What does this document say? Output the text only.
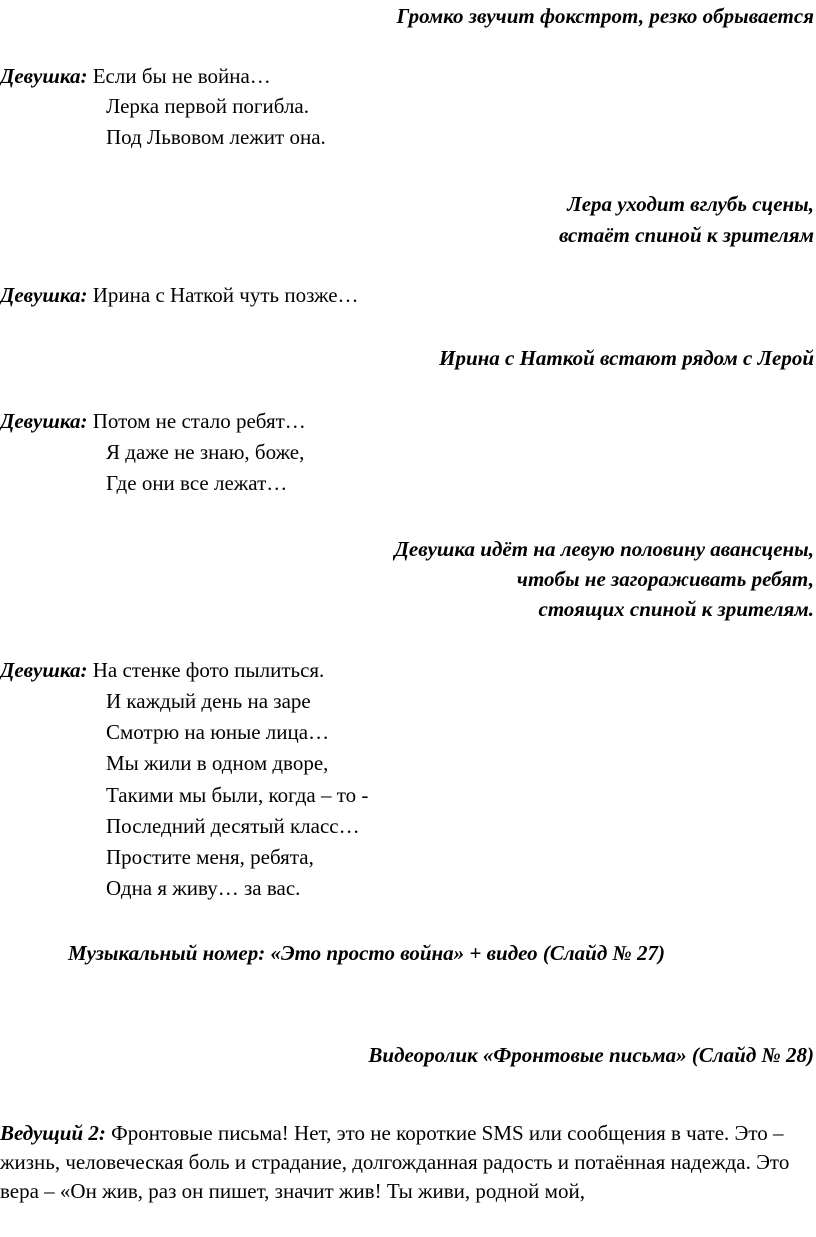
Громко звучит фокстрот, резко обрывается
Девушка: Если бы не война…
Лерка первой погибла.
Под Львовом лежит она.
Лера уходит вглубь сцены,
встаёт спиной к зрителям
Девушка: Ирина с Наткой чуть позже…
Ирина с Наткой встают рядом с Лерой
Девушка: Потом не стало ребят…
Я даже не знаю, боже,
Где они все лежат…
Девушка идёт на левую половину авансцены,
чтобы не загораживать ребят,
стоящих спиной к зрителям.
Девушка: На стенке фото пылиться.
И каждый день на заре
Смотрю на юные лица…
Мы жили в одном дворе,
Такими мы были, когда – то -
Последний десятый класс…
Простите меня, ребята,
Одна я живу… за вас.
Музыкальный номер: «Это просто война» + видео (Слайд № 27)
Видеоролик «Фронтовые письма» (Слайд № 28)
Ведущий 2: Фронтовые письма! Нет, это не короткие SMS или сообщения в чате. Это – жизнь, человеческая боль и страдание, долгожданная радость и потаённая надежда. Это вера – «Он жив, раз он пишет, значит жив! Ты живи, родной мой,
